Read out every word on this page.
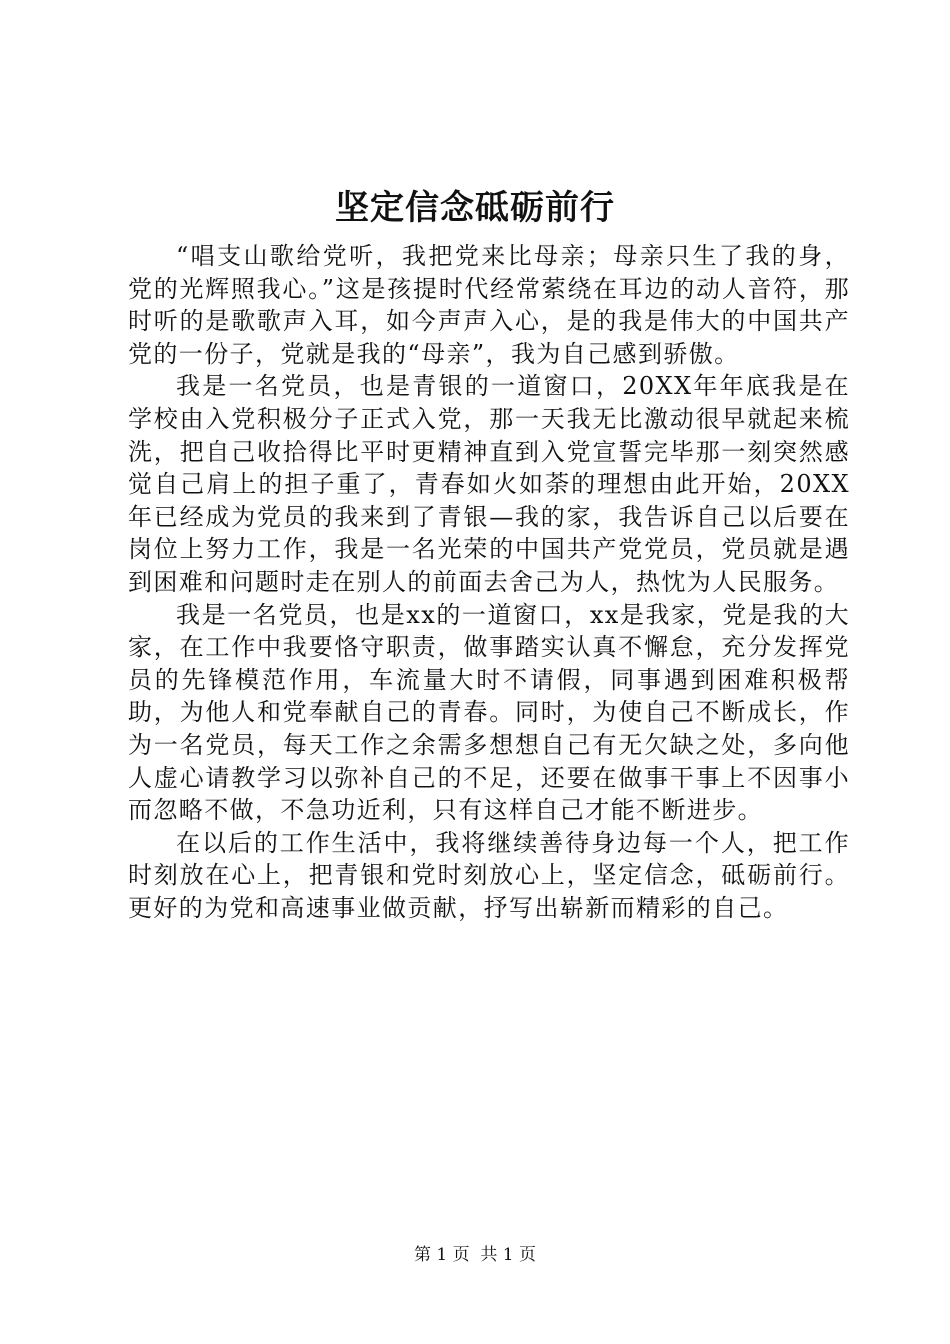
坚定信念砥砺前行

“唱支山歌给党听，我把党来比母亲；母亲只生了我的身，党的光辉照我心。”这是孩提时代经常萦绕在耳边的动人音符，那时听的是歌歌声入耳，如今声声入心，是的我是伟大的中国共产党的一份子，党就是我的“母亲”，我为自己感到骄傲。

我是一名党员，也是青银的一道窗口，20XX年年底我是在学校由入党积极分子正式入党，那一天我无比激动很早就起来梳洗，把自己收拾得比平时更精神直到入党宣誓完毕那一刻突然感觉自己肩上的担子重了，青春如火如荼的理想由此开始，20XX年已经成为党员的我来到了青银—我的家，我告诉自己以后要在岗位上努力工作，我是一名光荣的中国共产党党员，党员就是遇到困难和问题时走在别人的前面去舍己为人，热忱为人民服务。

我是一名党员，也是xx的一道窗口，xx是我家，党是我的大家，在工作中我要恪守职责，做事踏实认真不懈怠，充分发挥党员的先锋模范作用，车流量大时不请假，同事遇到困难积极帮助，为他人和党奉献自己的青春。同时，为使自己不断成长，作为一名党员，每天工作之余需多想想自己有无欠缺之处，多向他人虚心请教学习以弥补自己的不足，还要在做事干事上不因事小而忽略不做，不急功近利，只有这样自己才能不断进步。

在以后的工作生活中，我将继续善待身边每一个人，把工作时刻放在心上，把青银和党时刻放心上，坚定信念，砥砺前行。更好的为党和高速事业做贡献，抒写出崭新而精彩的自己。

第 1 页 共 1 页
